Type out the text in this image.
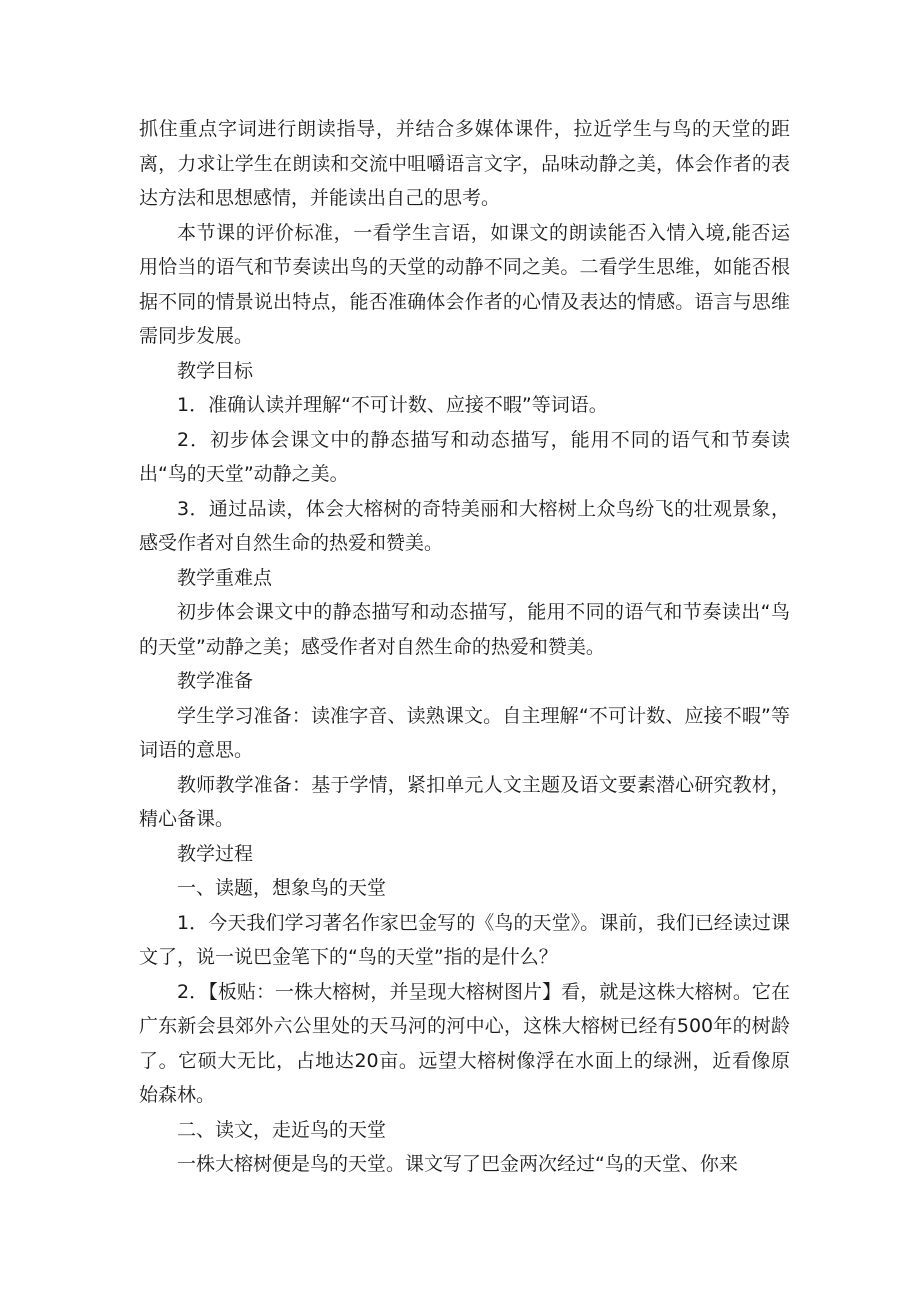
抓住重点字词进行朗读指导，并结合多媒体课件，拉近学生与鸟的天堂的距离，力求让学生在朗读和交流中咀嚼语言文字，品味动静之美，体会作者的表达方法和思想感情，并能读出自己的思考。

本节课的评价标准，一看学生言语，如课文的朗读能否入情入境,能否运用恰当的语气和节奏读出鸟的天堂的动静不同之美。二看学生思维，如能否根据不同的情景说出特点，能否准确体会作者的心情及表达的情感。语言与思维需同步发展。

教学目标

1．准确认读并理解“不可计数、应接不暇”等词语。

2．初步体会课文中的静态描写和动态描写，能用不同的语气和节奏读出“鸟的天堂”动静之美。

3．通过品读，体会大榕树的奇特美丽和大榕树上众鸟纷飞的壮观景象，感受作者对自然生命的热爱和赞美。

教学重难点

初步体会课文中的静态描写和动态描写，能用不同的语气和节奏读出“鸟的天堂”动静之美；感受作者对自然生命的热爱和赞美。

教学准备

学生学习准备：读准字音、读熟课文。自主理解“不可计数、应接不暇”等词语的意思。

教师教学准备：基于学情，紧扣单元人文主题及语文要素潜心研究教材，精心备课。

教学过程

一、读题，想象鸟的天堂

1．今天我们学习著名作家巴金写的《鸟的天堂》。课前，我们已经读过课文了，说一说巴金笔下的“鸟的天堂”指的是什么？

2．【板贴：一株大榕树，并呈现大榕树图片】看，就是这株大榕树。它在广东新会县郊外六公里处的天马河的河中心，这株大榕树已经有500年的树龄了。它硕大无比，占地达20亩。远望大榕树像浮在水面上的绿洲，近看像原始森林。

二、读文，走近鸟的天堂

一株大榕树便是鸟的天堂。课文写了巴金两次经过“鸟的天堂、你来
